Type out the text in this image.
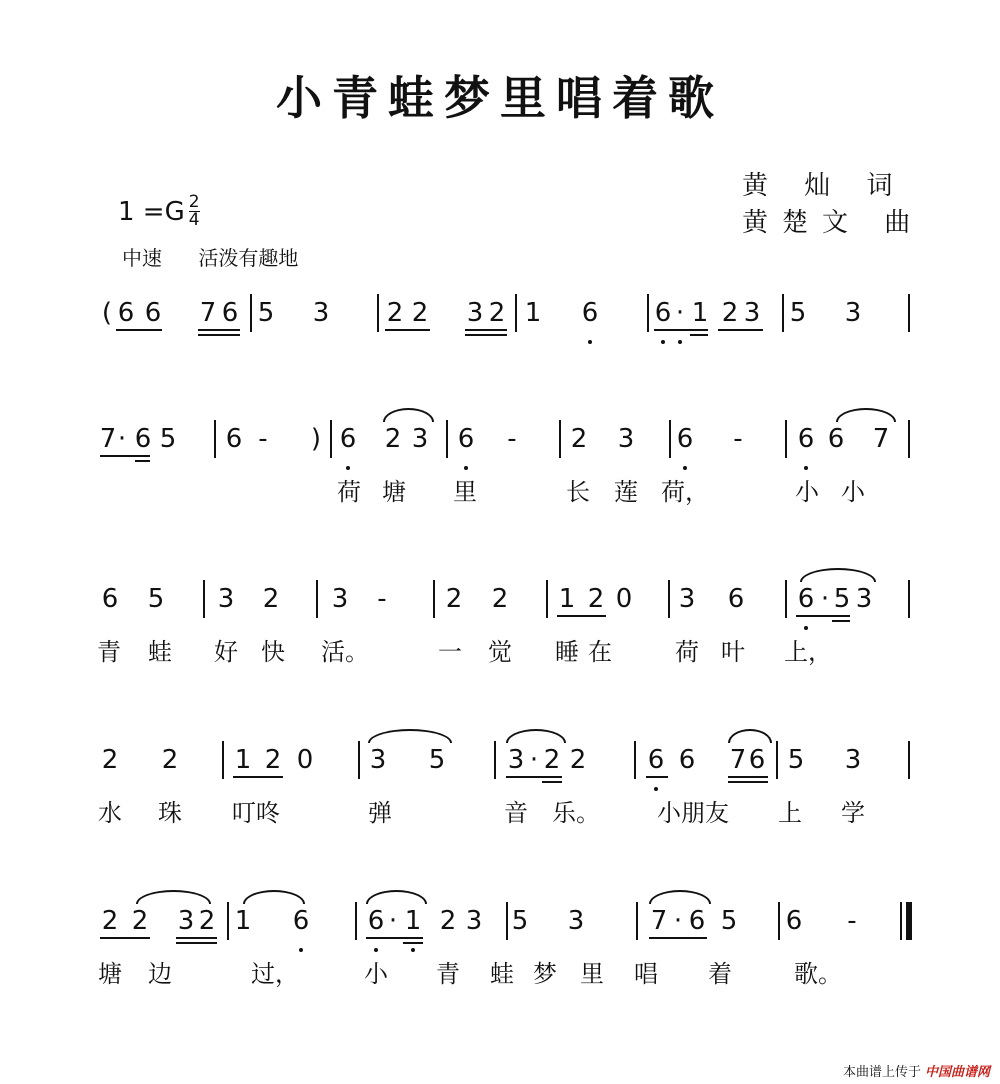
小青蛙梦里唱着歌
黄 灿 词
黄楚文 曲
$1 =G \frac{2}{4}$
中速 活泼有趣地
( 6 6 7 6 5 3 2 2 3 2 1 6 6 · 1 2 3 5 3
7 · 6 5 6 - ) 6 2 3 6 - 2 3 6 - 6 6 7
荷 塘 里	长 莲 荷，	小 小
6 5 3 2 3 - 2 2 1 2 0 3 6 6 · 5 3
青 蛙 好 快 活。	一 觉 睡 在	荷 叶 上，
2 2 1 2 0 3 5 3 · 2 2 6 6 7 6 5 3
水 珠 叮咚	弹	音 乐。 小朋友 上 学
2 2 3 2 1 6 6 · 1 2 3 5 3	7 · 6 5 6 -
塘 边	过，	小 青 蛙 梦 里 唱 着	歌。
本曲谱上传于 中国曲谱网
